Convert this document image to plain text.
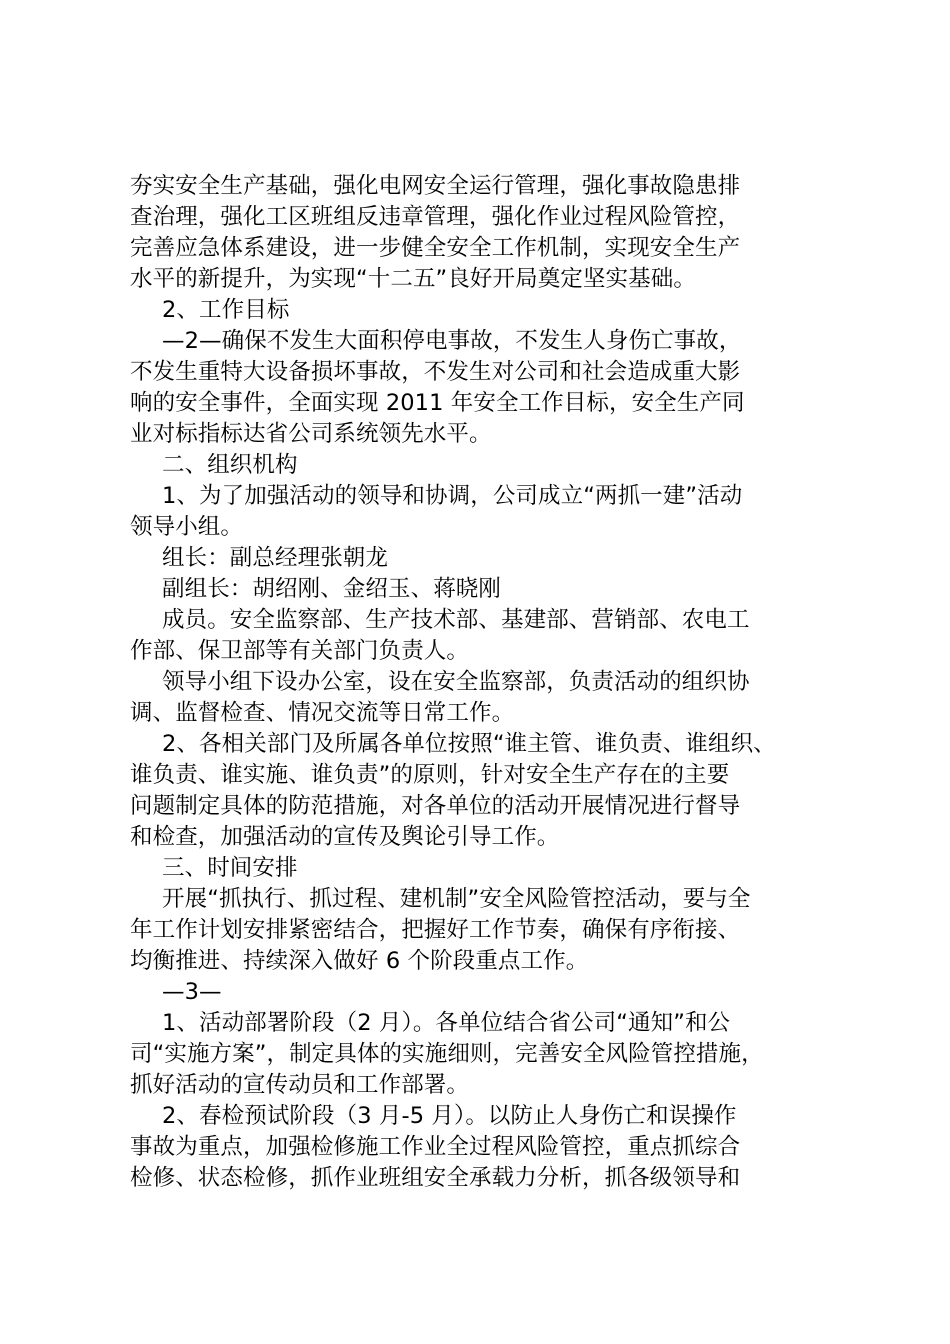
夯实安全生产基础，强化电网安全运行管理，强化事故隐患排
查治理，强化工区班组反违章管理，强化作业过程风险管控，
完善应急体系建设，进一步健全安全工作机制，实现安全生产
水平的新提升，为实现“十二五”良好开局奠定坚实基础。
2、工作目标
—2—确保不发生大面积停电事故，不发生人身伤亡事故，
不发生重特大设备损坏事故，不发生对公司和社会造成重大影
响的安全事件，全面实现 2011 年安全工作目标，安全生产同
业对标指标达省公司系统领先水平。
二、组织机构
1、为了加强活动的领导和协调，公司成立“两抓一建”活动
领导小组。
组长：副总经理张朝龙
副组长：胡绍刚、金绍玉、蒋晓刚
成员。安全监察部、生产技术部、基建部、营销部、农电工
作部、保卫部等有关部门负责人。
领导小组下设办公室，设在安全监察部，负责活动的组织协
调、监督检查、情况交流等日常工作。
2、各相关部门及所属各单位按照“谁主管、谁负责、谁组织、
谁负责、谁实施、谁负责”的原则，针对安全生产存在的主要
问题制定具体的防范措施，对各单位的活动开展情况进行督导
和检查，加强活动的宣传及舆论引导工作。
三、时间安排
开展“抓执行、抓过程、建机制”安全风险管控活动，要与全
年工作计划安排紧密结合，把握好工作节奏，确保有序衔接、
均衡推进、持续深入做好 6 个阶段重点工作。
—3—
1、活动部署阶段（2 月）。各单位结合省公司“通知”和公
司“实施方案”，制定具体的实施细则，完善安全风险管控措施，
抓好活动的宣传动员和工作部署。
2、春检预试阶段（3 月-5 月）。以防止人身伤亡和误操作
事故为重点，加强检修施工作业全过程风险管控，重点抓综合
检修、状态检修，抓作业班组安全承载力分析，抓各级领导和
